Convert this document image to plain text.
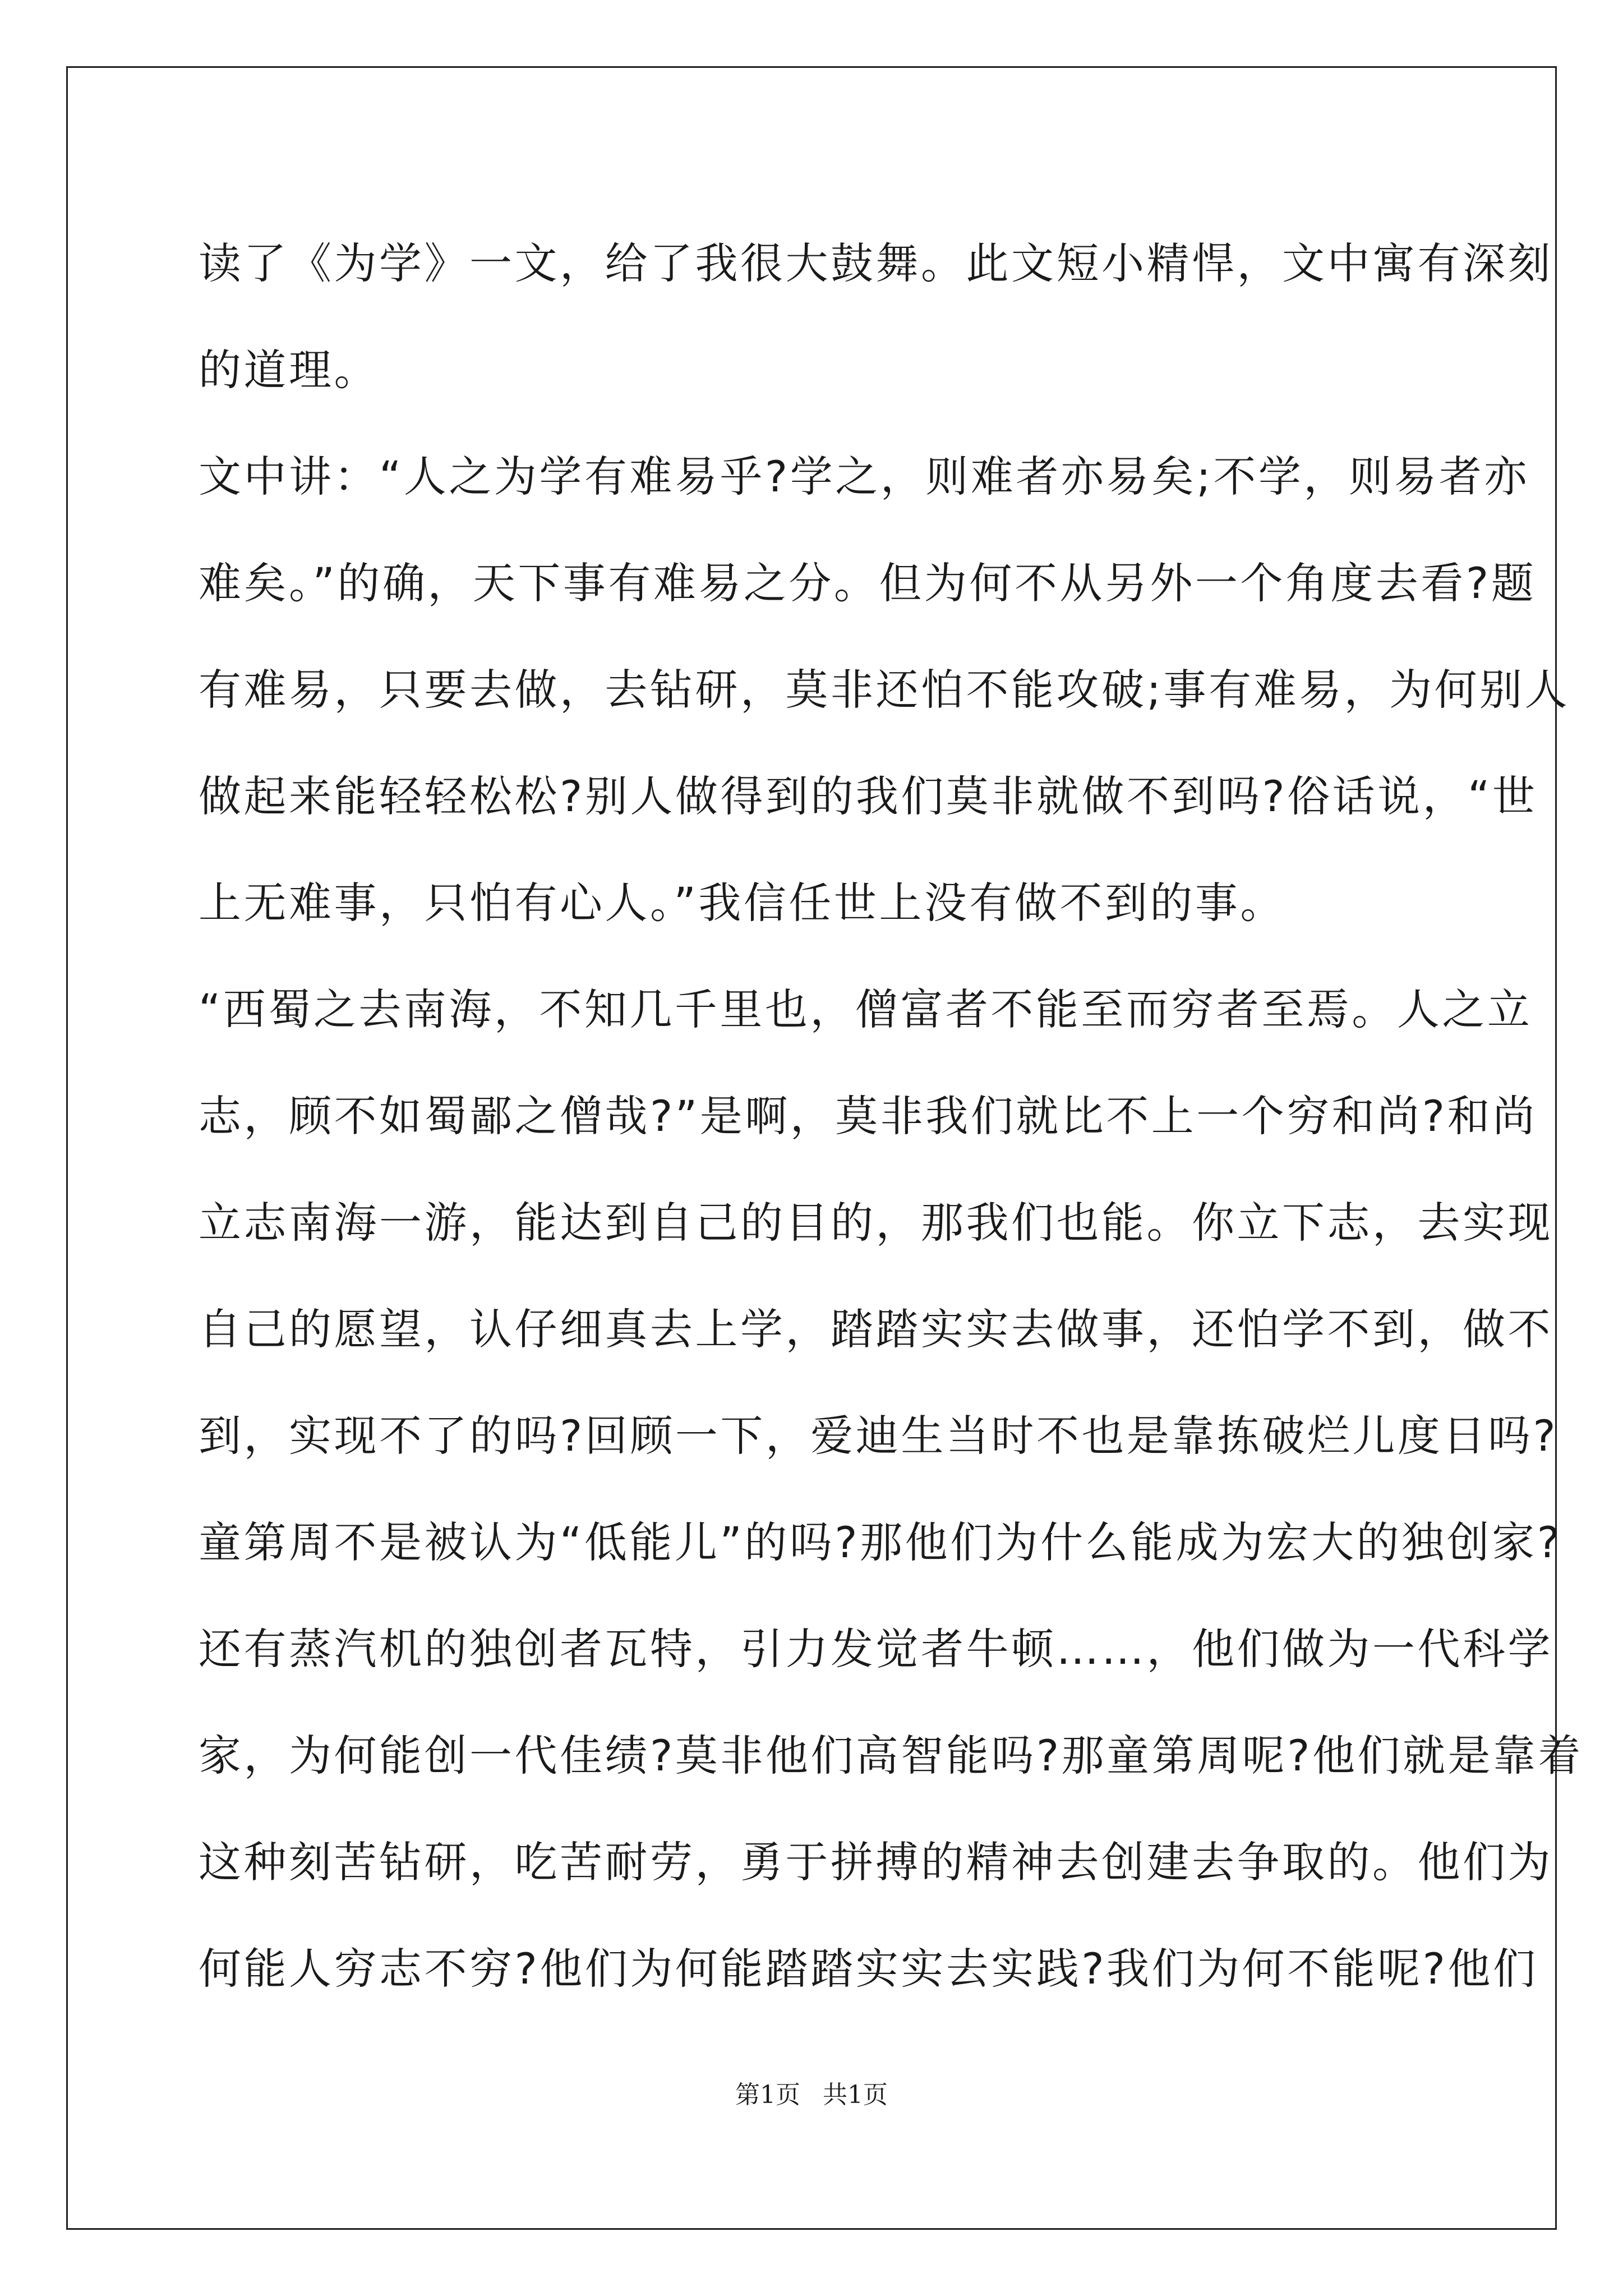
读了《为学》一文，给了我很大鼓舞。此文短小精悍，文中寓有深刻
的道理。
文中讲：“人之为学有难易乎?学之，则难者亦易矣;不学，则易者亦
难矣。”的确，天下事有难易之分。但为何不从另外一个角度去看?题
有难易，只要去做，去钻研，莫非还怕不能攻破;事有难易，为何别人
做起来能轻轻松松?别人做得到的我们莫非就做不到吗?俗话说，“世
上无难事，只怕有心人。”我信任世上没有做不到的事。
“西蜀之去南海，不知几千里也，僧富者不能至而穷者至焉。人之立
志，顾不如蜀鄙之僧哉?”是啊，莫非我们就比不上一个穷和尚?和尚
立志南海一游，能达到自己的目的，那我们也能。你立下志，去实现
自己的愿望，认仔细真去上学，踏踏实实去做事，还怕学不到，做不
到，实现不了的吗?回顾一下，爱迪生当时不也是靠拣破烂儿度日吗?
童第周不是被认为“低能儿”的吗?那他们为什么能成为宏大的独创家?
还有蒸汽机的独创者瓦特，引力发觉者牛顿……，他们做为一代科学
家，为何能创一代佳绩?莫非他们高智能吗?那童第周呢?他们就是靠着
这种刻苦钻研，吃苦耐劳，勇于拼搏的精神去创建去争取的。他们为
何能人穷志不穷?他们为何能踏踏实实去实践?我们为何不能呢?他们
第1页 共1页
